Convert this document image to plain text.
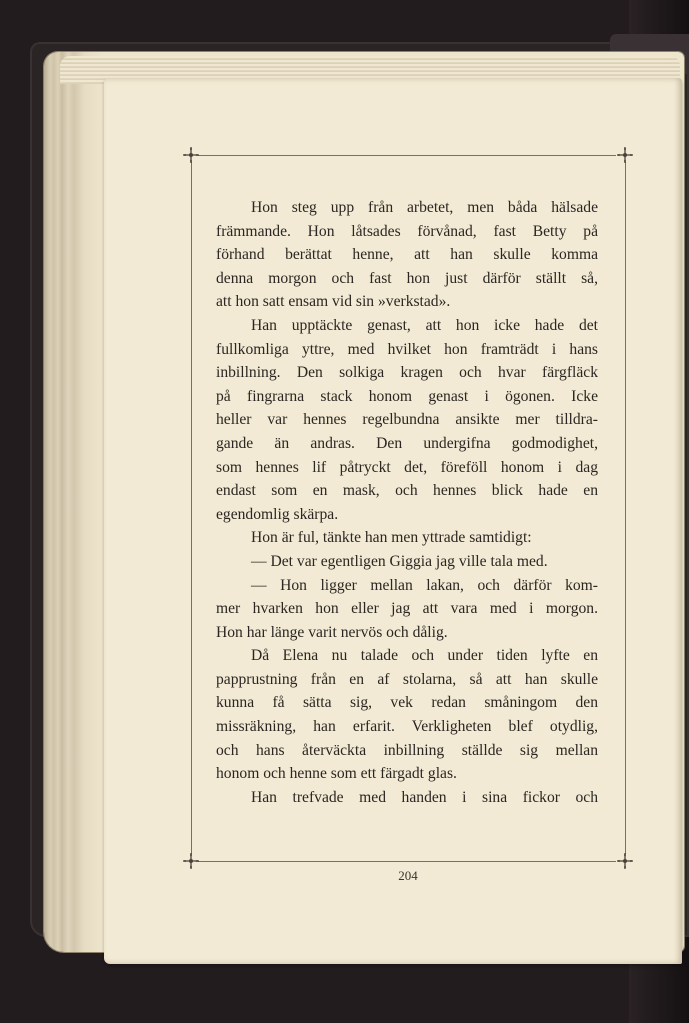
Hon steg upp från arbetet, men båda hälsade
främmande. Hon låtsades förvånad, fast Betty på
förhand berättat henne, att han skulle komma
denna morgon och fast hon just därför ställt så,
att hon satt ensam vid sin »verkstad».
Han upptäckte genast, att hon icke hade det
fullkomliga yttre, med hvilket hon framträdt i hans
inbillning. Den solkiga kragen och hvar färgfläck
på fingrarna stack honom genast i ögonen. Icke
heller var hennes regelbundna ansikte mer tilldra-
gande än andras. Den undergifna godmodighet,
som hennes lif påtryckt det, föreföll honom i dag
endast som en mask, och hennes blick hade en
egendomlig skärpa.
Hon är ful, tänkte han men yttrade samtidigt:
— Det var egentligen Giggia jag ville tala med.
— Hon ligger mellan lakan, och därför kom-
mer hvarken hon eller jag att vara med i morgon.
Hon har länge varit nervös och dålig.
Då Elena nu talade och under tiden lyfte en
papprustning från en af stolarna, så att han skulle
kunna få sätta sig, vek redan småningom den
missräkning, han erfarit. Verkligheten blef otydlig,
och hans återväckta inbillning ställde sig mellan
honom och henne som ett färgadt glas.
Han trefvade med handen i sina fickor och
204
